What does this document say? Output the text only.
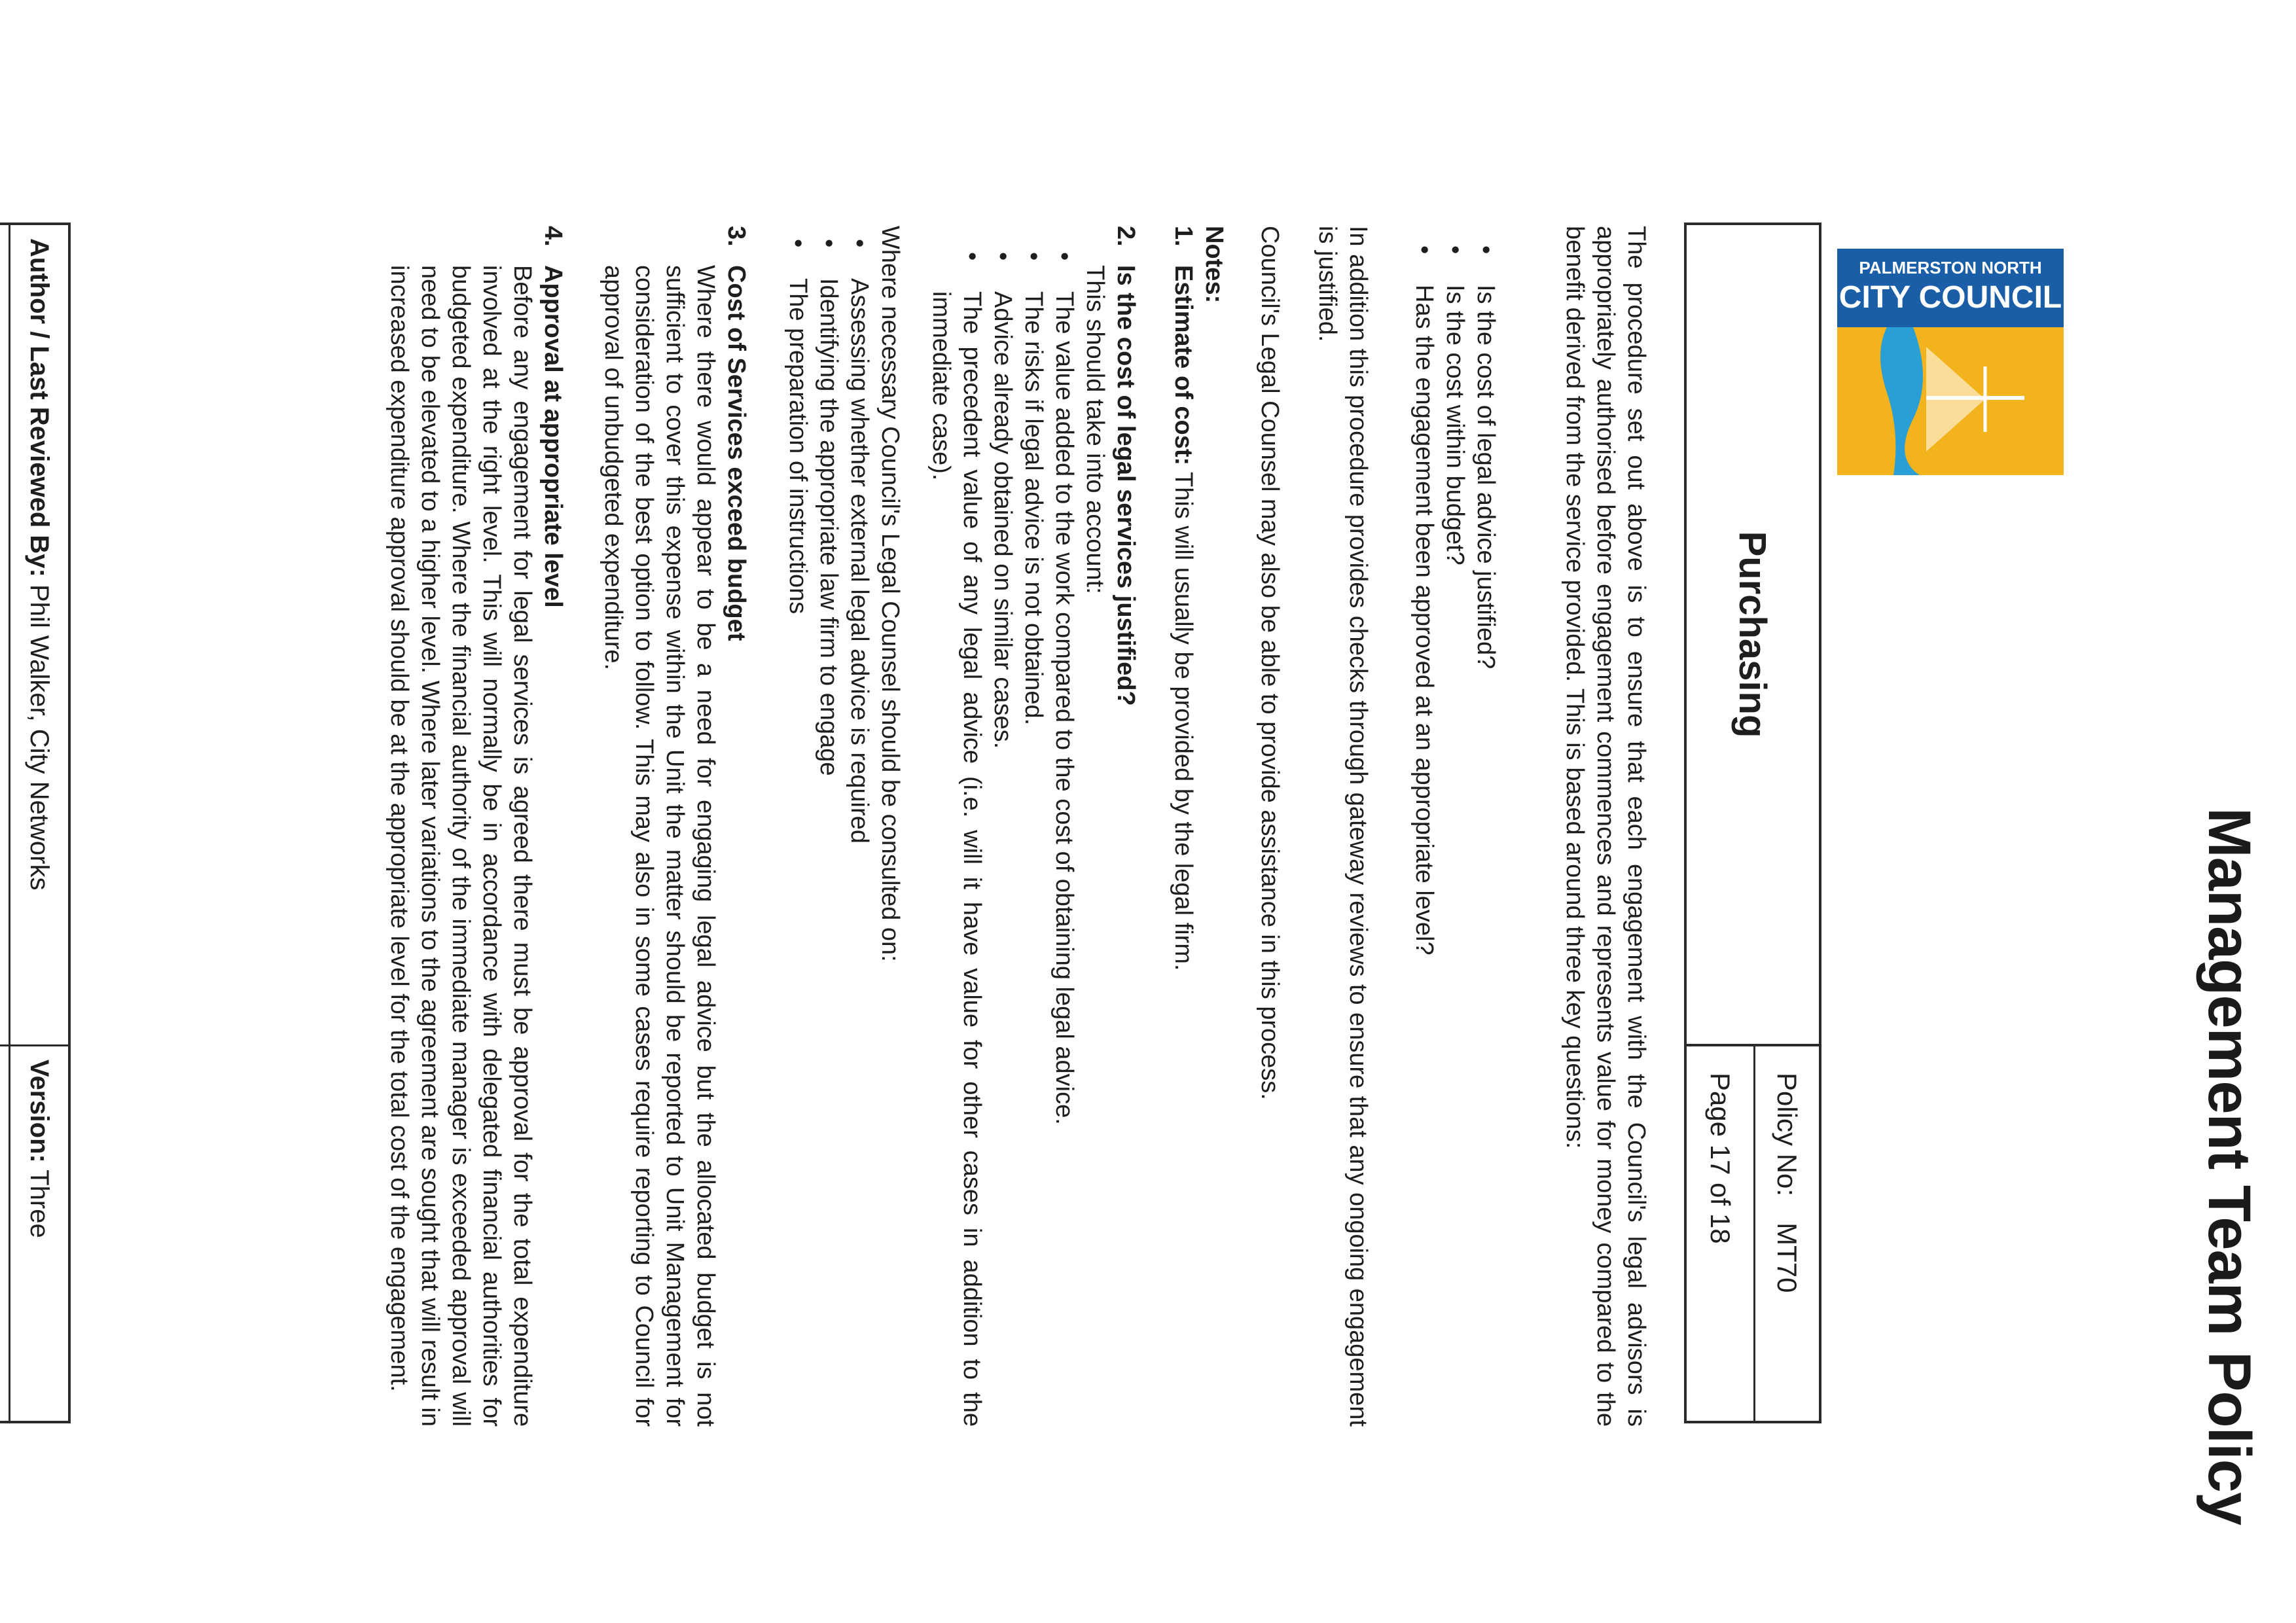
PALMERSTON NORTH
CITY COUNCIL
Management Team Policy
Purchasing
Policy No:
MT70
Page 17 of 18
The procedure set out above is to ensure that each engagement with the Council's legal advisors is appropriately authorised before engagement commences and represents value for money compared to the benefit derived from the service provided. This is based around three key questions:
• Is the cost of legal advice justified?
• Is the cost within budget?
• Has the engagement been approved at an appropriate level?
In addition this procedure provides checks through gateway reviews to ensure that any ongoing engagement is justified.
Council's Legal Counsel may also be able to provide assistance in this process.
Notes:
1.Estimate of cost: This will usually be provided by the legal firm.
2.Is the cost of legal services justified?
This should take into account:
• The value added to the work compared to the cost of obtaining legal advice.
• The risks if legal advice is not obtained.
• Advice already obtained on similar cases.
• The precedent value of any legal advice (i.e. will it have value for other cases in addition to the immediate case).
Where necessary Council's Legal Counsel should be consulted on:
• Assessing whether external legal advice is required
• Identifying the appropriate law firm to engage
• The preparation of instructions
3.Cost of Services exceed budget
Where there would appear to be a need for engaging legal advice but the allocated budget is not sufficient to cover this expense within the Unit the matter should be reported to Unit Management for consideration of the best option to follow. This may also in some cases require reporting to Council for approval of unbudgeted expenditure.
4.Approval at appropriate level
Before any engagement for legal services is agreed there must be approval for the total expenditure involved at the right level. This will normally be in accordance with delegated financial authorities for budgeted expenditure. Where the financial authority of the immediate manager is exceeded approval will need to be elevated to a higher level. Where later variations to the agreement are sought that will result in increased expenditure approval should be at the appropriate level for the total cost of the engagement.
Author / Last Reviewed By:
Phil Walker, City Networks
Version:
Three
